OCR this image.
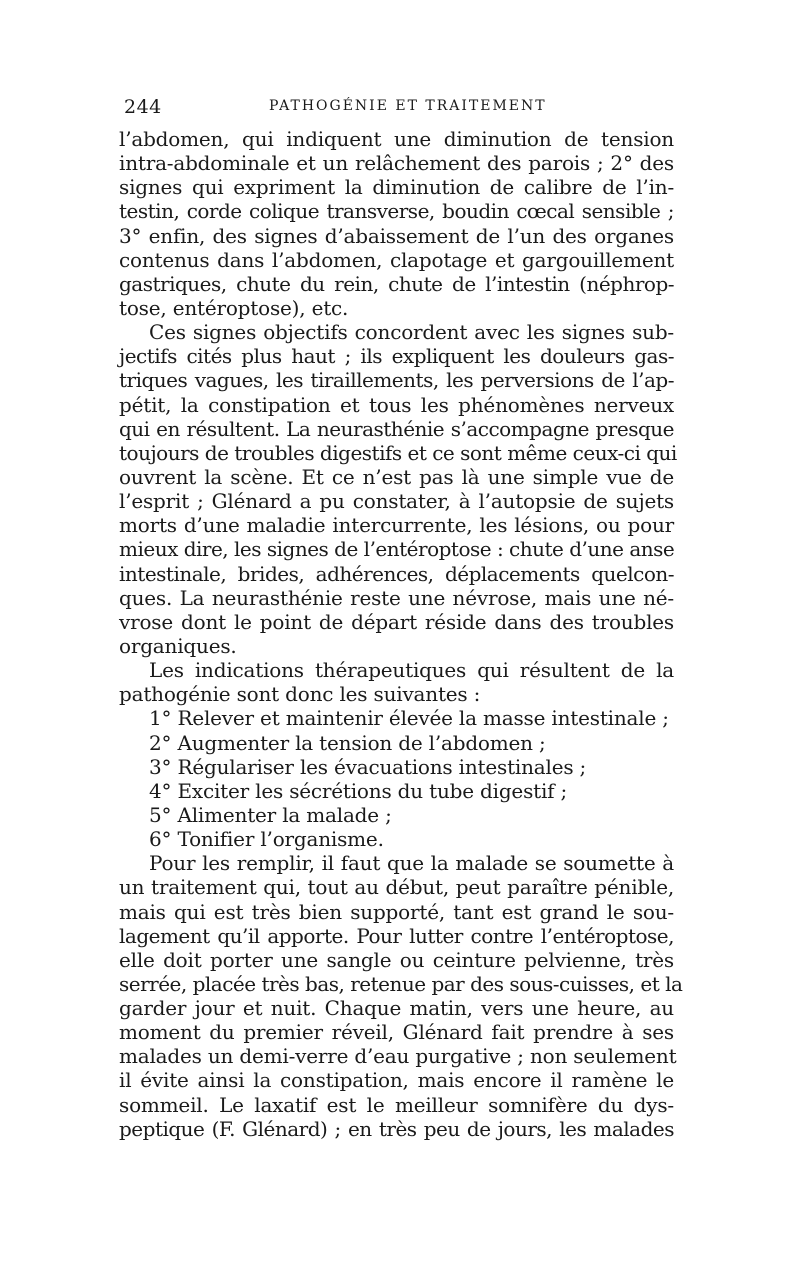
244	PATHOGÉNIE ET TRAITEMENT
l’abdomen, qui indiquent une diminution de tension
intra-abdominale et un relâchement des parois ; 2° des
signes qui expriment la diminution de calibre de l’in-
testin, corde colique transverse, boudin cœcal sensible ;
3° enfin, des signes d’abaissement de l’un des organes
contenus dans l’abdomen, clapotage et gargouillement
gastriques, chute du rein, chute de l’intestin (néphrop-
tose, entéroptose), etc.
Ces signes objectifs concordent avec les signes sub-
jectifs cités plus haut ; ils expliquent les douleurs gas-
triques vagues, les tiraillements, les perversions de l’ap-
pétit, la constipation et tous les phénomènes nerveux
qui en résultent. La neurasthénie s’accompagne presque
toujours de troubles digestifs et ce sont même ceux-ci qui
ouvrent la scène. Et ce n’est pas là une simple vue de
l’esprit ; Glénard a pu constater, à l’autopsie de sujets
morts d’une maladie intercurrente, les lésions, ou pour
mieux dire, les signes de l’entéroptose : chute d’une anse
intestinale, brides, adhérences, déplacements quelcon-
ques. La neurasthénie reste une névrose, mais une né-
vrose dont le point de départ réside dans des troubles
organiques.
Les indications thérapeutiques qui résultent de la
pathogénie sont donc les suivantes :
1° Relever et maintenir élevée la masse intestinale ;
2° Augmenter la tension de l’abdomen ;
3° Régulariser les évacuations intestinales ;
4° Exciter les sécrétions du tube digestif ;
5° Alimenter la malade ;
6° Tonifier l’organisme.
Pour les remplir, il faut que la malade se soumette à
un traitement qui, tout au début, peut paraître pénible,
mais qui est très bien supporté, tant est grand le sou-
lagement qu’il apporte. Pour lutter contre l’entéroptose,
elle doit porter une sangle ou ceinture pelvienne, très
serrée, placée très bas, retenue par des sous-cuisses, et la
garder jour et nuit. Chaque matin, vers une heure, au
moment du premier réveil, Glénard fait prendre à ses
malades un demi-verre d’eau purgative ; non seulement
il évite ainsi la constipation, mais encore il ramène le
sommeil. Le laxatif est le meilleur somnifère du dys-
peptique (F. Glénard) ; en très peu de jours, les malades
